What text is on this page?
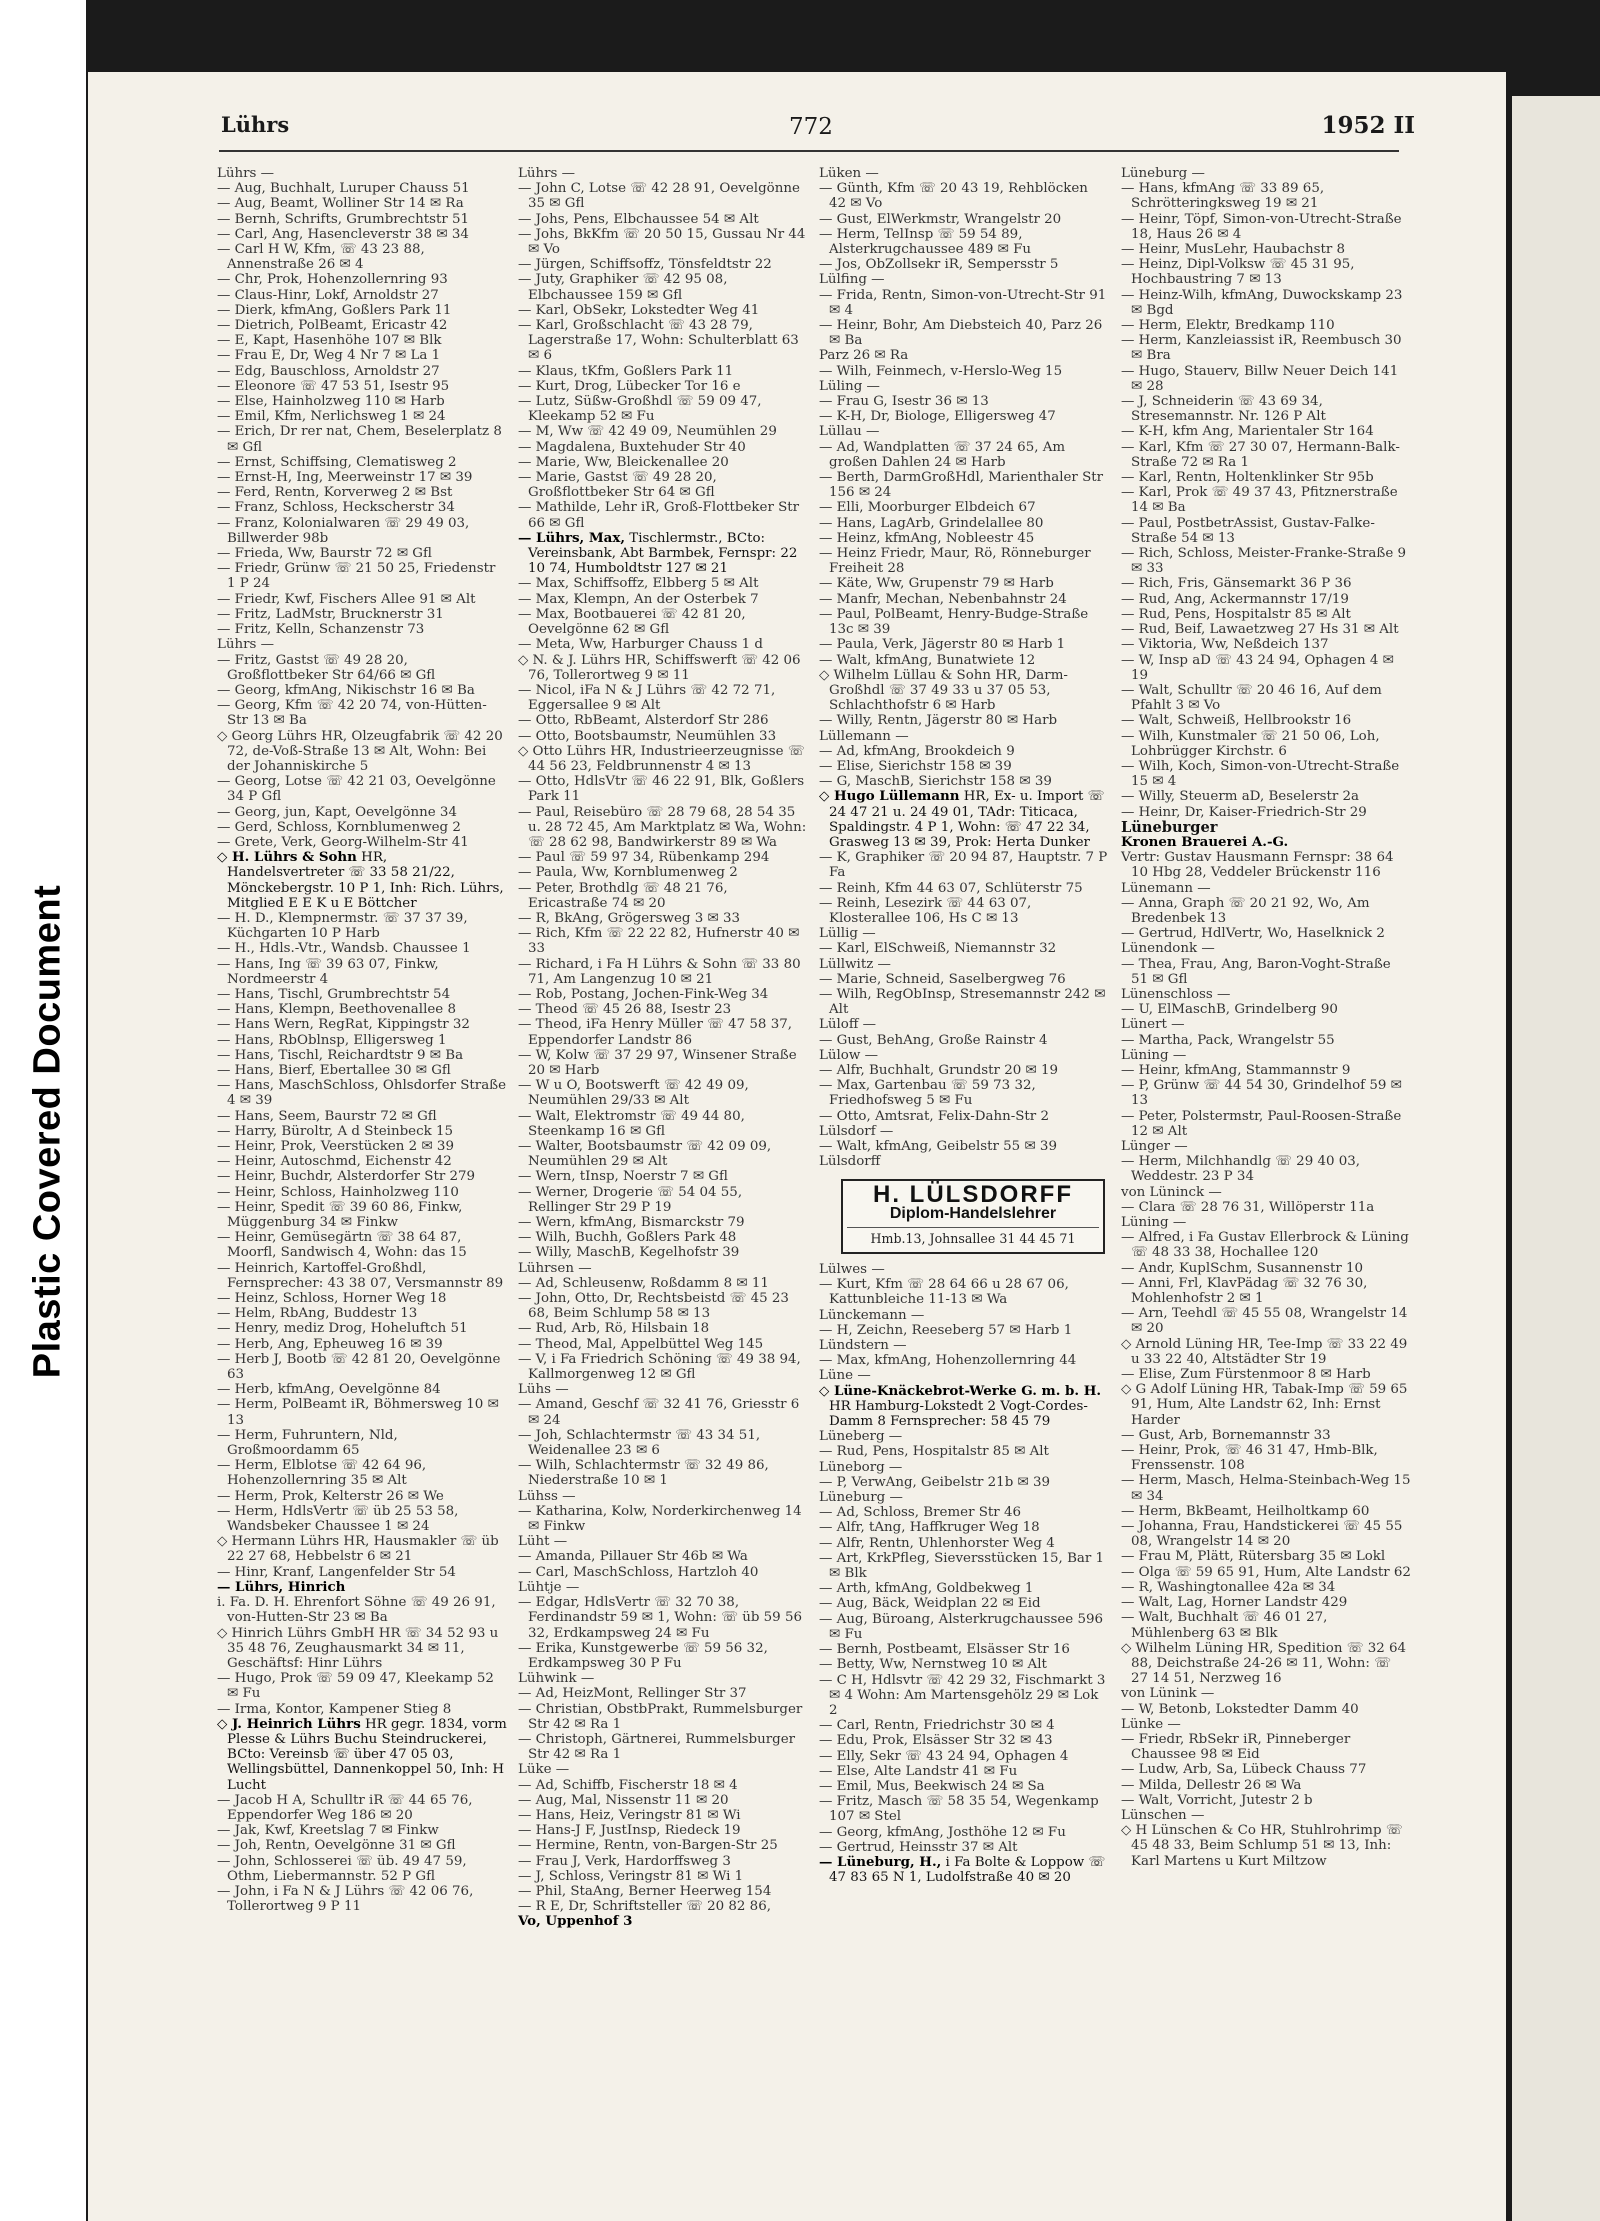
Plastic Covered Document
Lührs	772	1952 II

Lührs —

— Aug, Buchhalt, Luruper Chauss 51

— Aug, Beamt, Wolliner Str 14 ✉ Ra

— Bernh, Schrifts, Grumbrechtstr 51

— Carl, Ang, Hasencleverstr 38 ✉ 34

— Carl H W, Kfm, ☏ 43 23 88, Annenstraße 26 ✉ 4

— Chr, Prok, Hohenzollernring 93

— Claus-Hinr, Lokf, Arnoldstr 27

— Dierk, kfmAng, Goßlers Park 11

— Dietrich, PolBeamt, Ericastr 42

— E, Kapt, Hasenhöhe 107 ✉ Blk

— Frau E, Dr, Weg 4 Nr 7 ✉ La 1

— Edg, Bauschloss, Arnoldstr 27

— Eleonore ☏ 47 53 51, Isestr 95

— Else, Hainholzweg 110 ✉ Harb

— Emil, Kfm, Nerlichsweg 1 ✉ 24

— Erich, Dr rer nat, Chem, Beselerplatz 8 ✉ Gfl

— Ernst, Schiffsing, Clematisweg 2

— Ernst-H, Ing, Meerweinstr 17 ✉ 39

— Ferd, Rentn, Korverweg 2 ✉ Bst

— Franz, Schloss, Heckscherstr 34

— Franz, Kolonialwaren ☏ 29 49 03, Billwerder 98b

— Frieda, Ww, Baurstr 72 ✉ Gfl

— Friedr, Grünw ☏ 21 50 25, Friedenstr 1 P 24

— Friedr, Kwf, Fischers Allee 91 ✉ Alt

— Fritz, LadMstr, Brucknerstr 31

— Fritz, Kelln, Schanzenstr 73

Lührs —

— Fritz, Gastst ☏ 49 28 20, Großflottbeker Str 64/66 ✉ Gfl

— Georg, kfmAng, Nikischstr 16 ✉ Ba

— Georg, Kfm ☏ 42 20 74, von-Hütten-Str 13 ✉ Ba

◇ Georg Lührs HR, Olzeugfabrik ☏ 42 20 72, de-Voß-Straße 13 ✉ Alt, Wohn: Bei der Johanniskirche 5

— Georg, Lotse ☏ 42 21 03, Oevelgönne 34 P Gfl

— Georg, jun, Kapt, Oevelgönne 34

— Gerd, Schloss, Kornblumenweg 2

— Grete, Verk, Georg-Wilhelm-Str 41

◇ H. Lührs & Sohn HR, Handelsvertreter ☏ 33 58 21/22, Mönckebergstr. 10 P 1, Inh: Rich. Lührs, Mitglied E E K u E Böttcher

— H. D., Klempnermstr. ☏ 37 37 39, Küchgarten 10 P Harb

— H., Hdls.-Vtr., Wandsb. Chaussee 1

— Hans, Ing ☏ 39 63 07, Finkw, Nordmeerstr 4

— Hans, Tischl, Grumbrechtstr 54

— Hans, Klempn, Beethovenallee 8

— Hans Wern, RegRat, Kippingstr 32

— Hans, RbOblnsp, Elligersweg 1

— Hans, Tischl, Reichardtstr 9 ✉ Ba

— Hans, Bierf, Ebertallee 30 ✉ Gfl

— Hans, MaschSchloss, Ohlsdorfer Straße 4 ✉ 39

— Hans, Seem, Baurstr 72 ✉ Gfl

— Harry, Büroltr, A d Steinbeck 15

— Heinr, Prok, Veerstücken 2 ✉ 39

— Heinr, Autoschmd, Eichenstr 42

— Heinr, Buchdr, Alsterdorfer Str 279

— Heinr, Schloss, Hainholzweg 110

— Heinr, Spedit ☏ 39 60 86, Finkw, Müggenburg 34 ✉ Finkw

— Heinr, Gemüsegärtn ☏ 38 64 87, Moorfl, Sandwisch 4, Wohn: das 15

— Heinrich, Kartoffel-Großhdl, Fernsprecher: 43 38 07, Versmannstr 89

— Heinz, Schloss, Horner Weg 18

— Helm, RbAng, Buddestr 13

— Henry, mediz Drog, Hoheluftch 51

— Herb, Ang, Epheuweg 16 ✉ 39

— Herb J, Bootb ☏ 42 81 20, Oevelgönne 63

— Herb, kfmAng, Oevelgönne 84

— Herm, PolBeamt iR, Böhmersweg 10 ✉ 13

— Herm, Fuhruntern, Nld, Großmoordamm 65

— Herm, Elblotse ☏ 42 64 96, Hohenzollernring 35 ✉ Alt

— Herm, Prok, Kelterstr 26 ✉ We

— Herm, HdlsVertr ☏ üb 25 53 58, Wandsbeker Chaussee 1 ✉ 24

◇ Hermann Lührs HR, Hausmakler ☏ üb 22 27 68, Hebbelstr 6 ✉ 21

— Hinr, Kranf, Langenfelder Str 54

— Lührs, Hinrich

i. Fa. D. H. Ehrenfort Söhne ☏ 49 26 91, von-Hutten-Str 23 ✉ Ba

◇ Hinrich Lührs GmbH HR ☏ 34 52 93 u 35 48 76, Zeughausmarkt 34 ✉ 11, Geschäftsf: Hinr Lührs

— Hugo, Prok ☏ 59 09 47, Kleekamp 52 ✉ Fu

— Irma, Kontor, Kampener Stieg 8

◇ J. Heinrich Lührs HR gegr. 1834, vorm Plesse & Lührs Buchu Steindruckerei, BCto: Vereinsb ☏ über 47 05 03, Wellingsbüttel, Dannenkoppel 50, Inh: H Lucht

— Jacob H A, Schulltr iR ☏ 44 65 76, Eppendorfer Weg 186 ✉ 20

— Jak, Kwf, Kreetslag 7 ✉ Finkw

— Joh, Rentn, Oevelgönne 31 ✉ Gfl

— John, Schlosserei ☏ üb. 49 47 59, Othm, Liebermannstr. 52 P Gfl

— John, i Fa N & J Lührs ☏ 42 06 76, Tollerortweg 9 P 11

Lührs —

— John C, Lotse ☏ 42 28 91, Oevelgönne 35 ✉ Gfl

— Johs, Pens, Elbchaussee 54 ✉ Alt

— Johs, BkKfm ☏ 20 50 15, Gussau Nr 44 ✉ Vo

— Jürgen, Schiffsoffz, Tönsfeldtstr 22

— Juty, Graphiker ☏ 42 95 08, Elbchaussee 159 ✉ Gfl

— Karl, ObSekr, Lokstedter Weg 41

— Karl, Großschlacht ☏ 43 28 79, Lagerstraße 17, Wohn: Schulterblatt 63 ✉ 6

— Klaus, tKfm, Goßlers Park 11

— Kurt, Drog, Lübecker Tor 16 e

— Lutz, Süßw-Großhdl ☏ 59 09 47, Kleekamp 52 ✉ Fu

— M, Ww ☏ 42 49 09, Neumühlen 29

— Magdalena, Buxtehuder Str 40

— Marie, Ww, Bleickenallee 20

— Marie, Gastst ☏ 49 28 20, Großflottbeker Str 64 ✉ Gfl

— Mathilde, Lehr iR, Groß-Flottbeker Str 66 ✉ Gfl

— Lührs, Max, Tischlermstr., BCto: Vereinsbank, Abt Barmbek, Fernspr: 22 10 74, Humboldtstr 127 ✉ 21

— Max, Schiffsoffz, Elbberg 5 ✉ Alt

— Max, Klempn, An der Osterbek 7

— Max, Bootbauerei ☏ 42 81 20, Oevelgönne 62 ✉ Gfl

— Meta, Ww, Harburger Chauss 1 d

◇ N. & J. Lührs HR, Schiffswerft ☏ 42 06 76, Tollerortweg 9 ✉ 11

— Nicol, iFa N & J Lührs ☏ 42 72 71, Eggersallee 9 ✉ Alt

— Otto, RbBeamt, Alsterdorf Str 286

— Otto, Bootsbaumstr, Neumühlen 33

◇ Otto Lührs HR, Industrieerzeugnisse ☏ 44 56 23, Feldbrunnenstr 4 ✉ 13

— Otto, HdlsVtr ☏ 46 22 91, Blk, Goßlers Park 11

— Paul, Reisebüro ☏ 28 79 68, 28 54 35 u. 28 72 45, Am Marktplatz ✉ Wa, Wohn: ☏ 28 62 98, Bandwirkerstr 89 ✉ Wa

— Paul ☏ 59 97 34, Rübenkamp 294

— Paula, Ww, Kornblumenweg 2

— Peter, Brothdlg ☏ 48 21 76, Ericastraße 74 ✉ 20

— R, BkAng, Grögersweg 3 ✉ 33

— Rich, Kfm ☏ 22 22 82, Hufnerstr 40 ✉ 33

— Richard, i Fa H Lührs & Sohn ☏ 33 80 71, Am Langenzug 10 ✉ 21

— Rob, Postang, Jochen-Fink-Weg 34

— Theod ☏ 45 26 88, Isestr 23

— Theod, iFa Henry Müller ☏ 47 58 37, Eppendorfer Landstr 86

— W, Kolw ☏ 37 29 97, Winsener Straße 20 ✉ Harb

— W u O, Bootswerft ☏ 42 49 09, Neumühlen 29/33 ✉ Alt

— Walt, Elektromstr ☏ 49 44 80, Steenkamp 16 ✉ Gfl

— Walter, Bootsbaumstr ☏ 42 09 09, Neumühlen 29 ✉ Alt

— Wern, tInsp, Noerstr 7 ✉ Gfl

— Werner, Drogerie ☏ 54 04 55, Rellinger Str 29 P 19

— Wern, kfmAng, Bismarckstr 79

— Wilh, Buchh, Goßlers Park 48

— Willy, MaschB, Kegelhofstr 39

Lührsen —

— Ad, Schleusenw, Roßdamm 8 ✉ 11

— John, Otto, Dr, Rechtsbeistd ☏ 45 23 68, Beim Schlump 58 ✉ 13

— Rud, Arb, Rö, Hilsbain 18

— Theod, Mal, Appelbüttel Weg 145

— V, i Fa Friedrich Schöning ☏ 49 38 94, Kallmorgenweg 12 ✉ Gfl

Lühs —

— Amand, Geschf ☏ 32 41 76, Griesstr 6 ✉ 24

— Joh, Schlachtermstr ☏ 43 34 51, Weidenallee 23 ✉ 6

— Wilh, Schlachtermstr ☏ 32 49 86, Niederstraße 10 ✉ 1

Lühss —

— Katharina, Kolw, Norderkirchenweg 14 ✉ Finkw

Lüht —

— Amanda, Pillauer Str 46b ✉ Wa

— Carl, MaschSchloss, Hartzloh 40

Lühtje —

— Edgar, HdlsVertr ☏ 32 70 38, Ferdinandstr 59 ✉ 1, Wohn: ☏ üb 59 56 32, Erdkampsweg 24 ✉ Fu

— Erika, Kunstgewerbe ☏ 59 56 32, Erdkampsweg 30 P Fu

Lühwink —

— Ad, HeizMont, Rellinger Str 37

— Christian, ObstbPrakt, Rummelsburger Str 42 ✉ Ra 1

— Christoph, Gärtnerei, Rummelsburger Str 42 ✉ Ra 1

Lüke —

— Ad, Schiffb, Fischerstr 18 ✉ 4

— Aug, Mal, Nissenstr 11 ✉ 20

— Hans, Heiz, Veringstr 81 ✉ Wi

— Hans-J F, JustInsp, Riedeck 19

— Hermine, Rentn, von-Bargen-Str 25

— Frau J, Verk, Hardorffsweg 3

— J, Schloss, Veringstr 81 ✉ Wi 1

— Phil, StaAng, Berner Heerweg 154

— R E, Dr, Schriftsteller ☏ 20 82 86,

Vo, Uppenhof 3

Lüken —

— Günth, Kfm ☏ 20 43 19, Rehblöcken 42 ✉ Vo

— Gust, ElWerkmstr, Wrangelstr 20

— Herm, TelInsp ☏ 59 54 89, Alsterkrugchaussee 489 ✉ Fu

— Jos, ObZollsekr iR, Sempersstr 5

Lülfing —

— Frida, Rentn, Simon-von-Utrecht-Str 91 ✉ 4

— Heinr, Bohr, Am Diebsteich 40, Parz 26 ✉ Ba

Parz 26 ✉ Ra

— Wilh, Feinmech, v-Herslo-Weg 15

Lüling —

— Frau G, Isestr 36 ✉ 13

— K-H, Dr, Biologe, Elligersweg 47

Lüllau —

— Ad, Wandplatten ☏ 37 24 65, Am großen Dahlen 24 ✉ Harb

— Berth, DarmGroßHdl, Marienthaler Str 156 ✉ 24

— Elli, Moorburger Elbdeich 67

— Hans, LagArb, Grindelallee 80

— Heinz, kfmAng, Nobleestr 45

— Heinz Friedr, Maur, Rö, Rönneburger Freiheit 28

— Käte, Ww, Grupenstr 79 ✉ Harb

— Manfr, Mechan, Nebenbahnstr 24

— Paul, PolBeamt, Henry-Budge-Straße 13c ✉ 39

— Paula, Verk, Jägerstr 80 ✉ Harb 1

— Walt, kfmAng, Bunatwiete 12

◇ Wilhelm Lüllau & Sohn HR, Darm-Großhdl ☏ 37 49 33 u 37 05 53, Schlachthofstr 6 ✉ Harb

— Willy, Rentn, Jägerstr 80 ✉ Harb

Lüllemann —

— Ad, kfmAng, Brookdeich 9

— Elise, Sierichstr 158 ✉ 39

— G, MaschB, Sierichstr 158 ✉ 39

◇ Hugo Lüllemann HR, Ex- u. Import ☏ 24 47 21 u. 24 49 01, TAdr: Titicaca, Spaldingstr. 4 P 1, Wohn: ☏ 47 22 34, Grasweg 13 ✉ 39, Prok: Herta Dunker

— K, Graphiker ☏ 20 94 87, Hauptstr. 7 P Fa

— Reinh, Kfm 44 63 07, Schlüterstr 75

— Reinh, Lesezirk ☏ 44 63 07, Klosterallee 106, Hs C ✉ 13

Lüllig —

— Karl, ElSchweiß, Niemannstr 32

Lüllwitz —

— Marie, Schneid, Saselbergweg 76

— Wilh, RegObInsp, Stresemannstr 242 ✉ Alt

Lüloff —

— Gust, BehAng, Große Rainstr 4

Lülow —

— Alfr, Buchhalt, Grundstr 20 ✉ 19

— Max, Gartenbau ☏ 59 73 32, Friedhofsweg 5 ✉ Fu

— Otto, Amtsrat, Felix-Dahn-Str 2

Lülsdorf —

— Walt, kfmAng, Geibelstr 55 ✉ 39

Lülsdorff

H. LÜLSDORFF
Diplom-Handelslehrer
Hmb.13, Johnsallee 31 44 45 71

Lülwes —

— Kurt, Kfm ☏ 28 64 66 u 28 67 06, Kattunbleiche 11-13 ✉ Wa

Lünckemann —

— H, Zeichn, Reeseberg 57 ✉ Harb 1

Lündstern —

— Max, kfmAng, Hohenzollernring 44

Lüne —

◇ Lüne-Knäckebrot-Werke G. m. b. H. HR Hamburg-Lokstedt 2 Vogt-Cordes-Damm 8 Fernsprecher: 58 45 79

Lüneberg —

— Rud, Pens, Hospitalstr 85 ✉ Alt

Lüneborg —

— P, VerwAng, Geibelstr 21b ✉ 39

Lüneburg —

— Ad, Schloss, Bremer Str 46

— Alfr, tAng, Haffkruger Weg 18

— Alfr, Rentn, Uhlenhorster Weg 4

— Art, KrkPfleg, Sieversstücken 15, Bar 1 ✉ Blk

— Arth, kfmAng, Goldbekweg 1

— Aug, Bäck, Weidplan 22 ✉ Eid

— Aug, Büroang, Alsterkrugchaussee 596 ✉ Fu

— Bernh, Postbeamt, Elsässer Str 16

— Betty, Ww, Nernstweg 10 ✉ Alt

— C H, Hdlsvtr ☏ 42 29 32, Fischmarkt 3 ✉ 4 Wohn: Am Martensgehölz 29 ✉ Lok 2

— Carl, Rentn, Friedrichstr 30 ✉ 4

— Edu, Prok, Elsässer Str 32 ✉ 43

— Elly, Sekr ☏ 43 24 94, Ophagen 4

— Else, Alte Landstr 41 ✉ Fu

— Emil, Mus, Beekwisch 24 ✉ Sa

— Fritz, Masch ☏ 58 35 54, Wegenkamp 107 ✉ Stel

— Georg, kfmAng, Josthöhe 12 ✉ Fu

— Gertrud, Heinsstr 37 ✉ Alt

— Lüneburg, H., i Fa Bolte & Loppow ☏ 47 83 65 N 1, Ludolfstraße 40 ✉ 20

Lüneburg —

— Hans, kfmAng ☏ 33 89 65, Schrötteringksweg 19 ✉ 21

— Heinr, Töpf, Simon-von-Utrecht-Straße 18, Haus 26 ✉ 4

— Heinr, MusLehr, Haubachstr 8

— Heinz, Dipl-Volksw ☏ 45 31 95, Hochbaustring 7 ✉ 13

— Heinz-Wilh, kfmAng, Duwockskamp 23 ✉ Bgd

— Herm, Elektr, Bredkamp 110

— Herm, Kanzleiassist iR, Reembusch 30 ✉ Bra

— Hugo, Stauerv, Billw Neuer Deich 141 ✉ 28

— J, Schneiderin ☏ 43 69 34, Stresemannstr. Nr. 126 P Alt

— K-H, kfm Ang, Marientaler Str 164

— Karl, Kfm ☏ 27 30 07, Hermann-Balk-Straße 72 ✉ Ra 1

— Karl, Rentn, Holtenklinker Str 95b

— Karl, Prok ☏ 49 37 43, Pfitznerstraße 14 ✉ Ba

— Paul, PostbetrAssist, Gustav-Falke-Straße 54 ✉ 13

— Rich, Schloss, Meister-Franke-Straße 9 ✉ 33

— Rich, Fris, Gänsemarkt 36 P 36

— Rud, Ang, Ackermannstr 17/19

— Rud, Pens, Hospitalstr 85 ✉ Alt

— Rud, Beif, Lawaetzweg 27 Hs 31 ✉ Alt

— Viktoria, Ww, Neßdeich 137

— W, Insp aD ☏ 43 24 94, Ophagen 4 ✉ 19

— Walt, Schulltr ☏ 20 46 16, Auf dem Pfahlt 3 ✉ Vo

— Walt, Schweiß, Hellbrookstr 16

— Wilh, Kunstmaler ☏ 21 50 06, Loh, Lohbrügger Kirchstr. 6

— Wilh, Koch, Simon-von-Utrecht-Straße 15 ✉ 4

— Willy, Steuerm aD, Beselerstr 2a

— Heinr, Dr, Kaiser-Friedrich-Str 29

Lüneburger

Kronen Brauerei A.-G.

Vertr: Gustav Hausmann Fernspr: 38 64 10 Hbg 28, Veddeler Brückenstr 116

Lünemann —

— Anna, Graph ☏ 20 21 92, Wo, Am Bredenbek 13

— Gertrud, HdlVertr, Wo, Haselknick 2

Lünendonk —

— Thea, Frau, Ang, Baron-Voght-Straße 51 ✉ Gfl

Lünenschloss —

— U, ElMaschB, Grindelberg 90

Lünert —

— Martha, Pack, Wrangelstr 55

Lüning —

— Heinr, kfmAng, Stammannstr 9

— P, Grünw ☏ 44 54 30, Grindelhof 59 ✉ 13

— Peter, Polstermstr, Paul-Roosen-Straße 12 ✉ Alt

Lünger —

— Herm, Milchhandlg ☏ 29 40 03, Weddestr. 23 P 34

von Lüninck —

— Clara ☏ 28 76 31, Willöperstr 11a

Lüning —

— Alfred, i Fa Gustav Ellerbrock & Lüning ☏ 48 33 38, Hochallee 120

— Andr, KuplSchm, Susannenstr 10

— Anni, Frl, KlavPädag ☏ 32 76 30, Mohlenhofstr 2 ✉ 1

— Arn, Teehdl ☏ 45 55 08, Wrangelstr 14 ✉ 20

◇ Arnold Lüning HR, Tee-Imp ☏ 33 22 49 u 33 22 40, Altstädter Str 19

— Elise, Zum Fürstenmoor 8 ✉ Harb

◇ G Adolf Lüning HR, Tabak-Imp ☏ 59 65 91, Hum, Alte Landstr 62, Inh: Ernst Harder

— Gust, Arb, Bornemannstr 33

— Heinr, Prok, ☏ 46 31 47, Hmb-Blk, Frenssenstr. 108

— Herm, Masch, Helma-Steinbach-Weg 15 ✉ 34

— Herm, BkBeamt, Heilholtkamp 60

— Johanna, Frau, Handstickerei ☏ 45 55 08, Wrangelstr 14 ✉ 20

— Frau M, Plätt, Rütersbarg 35 ✉ Lokl

— Olga ☏ 59 65 91, Hum, Alte Landstr 62

— R, Washingtonallee 42a ✉ 34

— Walt, Lag, Horner Landstr 429

— Walt, Buchhalt ☏ 46 01 27, Mühlenberg 63 ✉ Blk

◇ Wilhelm Lüning HR, Spedition ☏ 32 64 88, Deichstraße 24-26 ✉ 11, Wohn: ☏ 27 14 51, Nerzweg 16

von Lünink —

— W, Betonb, Lokstedter Damm 40

Lünke —

— Friedr, RbSekr iR, Pinneberger Chaussee 98 ✉ Eid

— Ludw, Arb, Sa, Lübeck Chauss 77

— Milda, Dellestr 26 ✉ Wa

— Walt, Vorricht, Jutestr 2 b

Lünschen —

◇ H Lünschen & Co HR, Stuhlrohrimp ☏ 45 48 33, Beim Schlump 51 ✉ 13, Inh: Karl Martens u Kurt Miltzow
